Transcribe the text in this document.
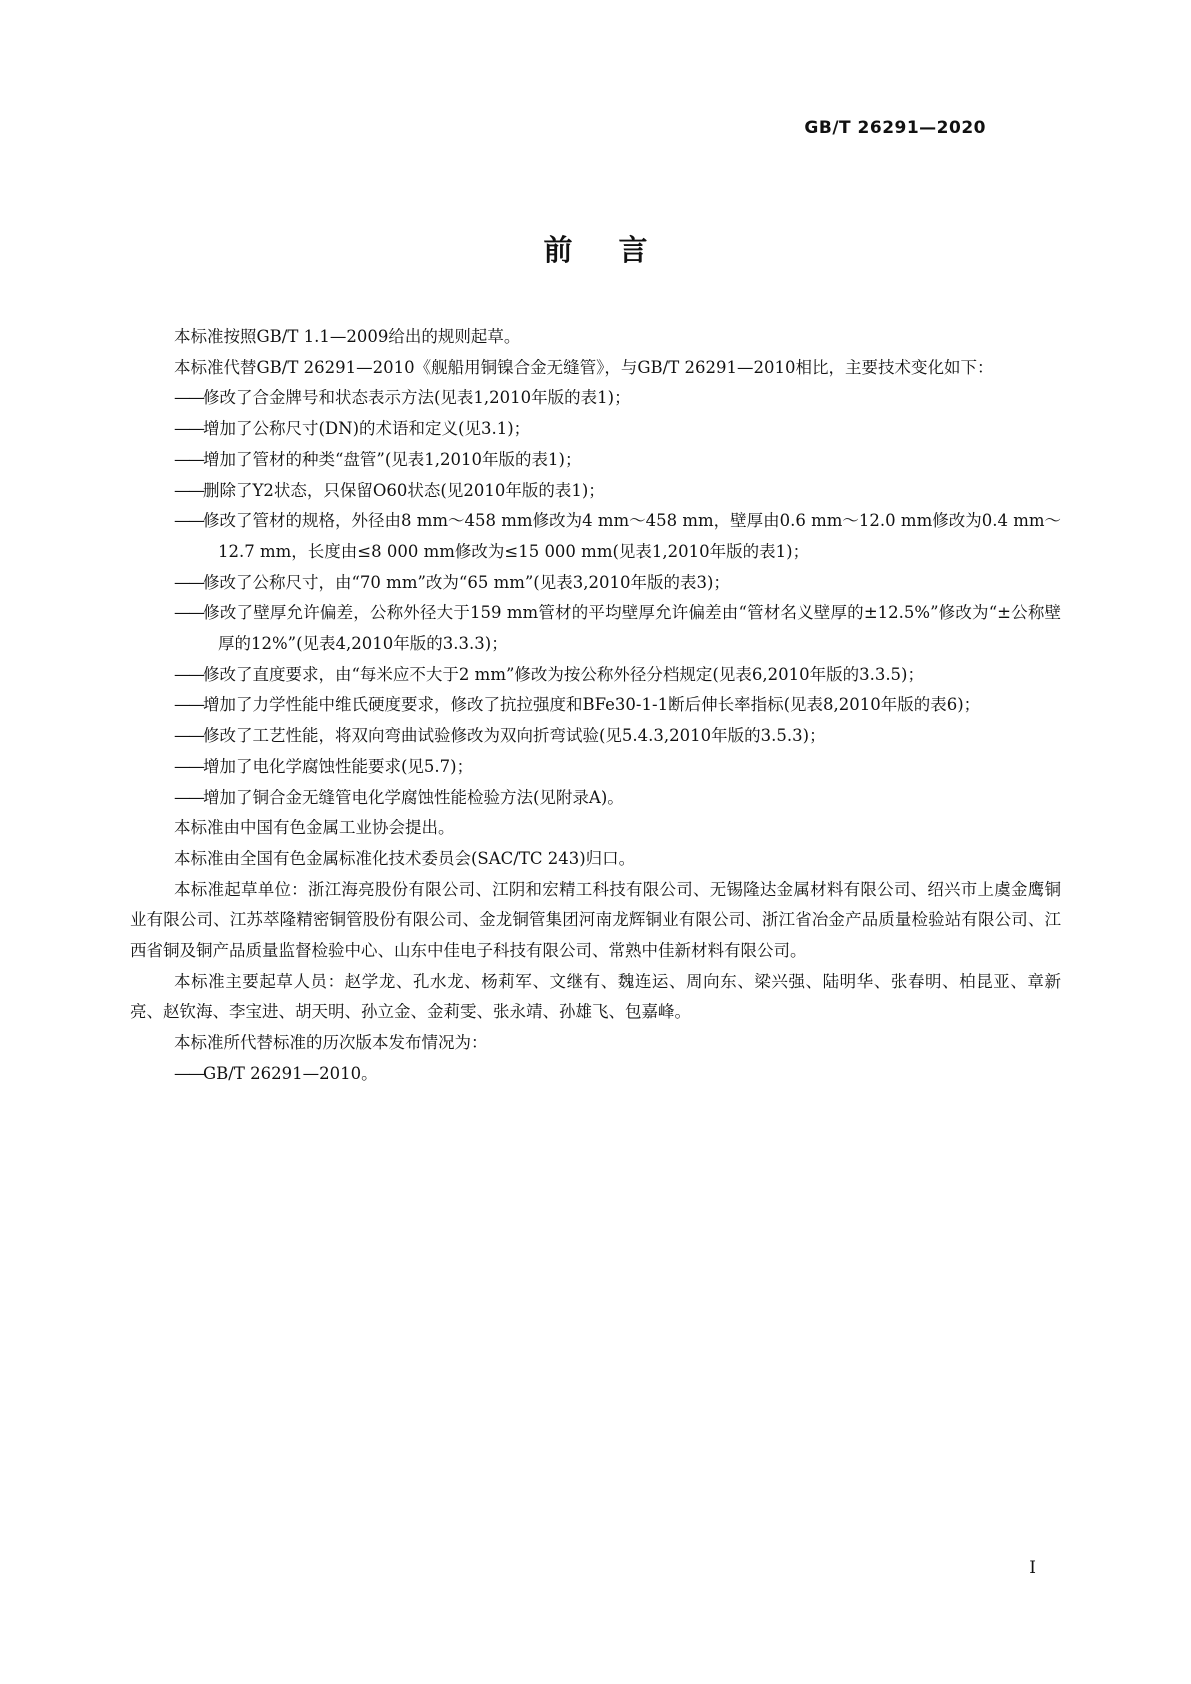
GB/T 26291—2020
前 言

本标准按照GB/T 1.1—2009给出的规则起草。

本标准代替GB/T 26291—2010《舰船用铜镍合金无缝管》，与GB/T 26291—2010相比，主要技术变化如下：

——修改了合金牌号和状态表示方法(见表1,2010年版的表1)；

——增加了公称尺寸(DN)的术语和定义(见3.1)；

——增加了管材的种类“盘管”(见表1,2010年版的表1)；

——删除了Y2状态，只保留O60状态(见2010年版的表1)；

——修改了管材的规格，外径由8 mm～458 mm修改为4 mm～458 mm，壁厚由0.6 mm～12.0 mm修改为0.4 mm～12.7 mm，长度由≤8 000 mm修改为≤15 000 mm(见表1,2010年版的表1)；

——修改了公称尺寸，由“70 mm”改为“65 mm”(见表3,2010年版的表3)；

——修改了壁厚允许偏差，公称外径大于159 mm管材的平均壁厚允许偏差由“管材名义壁厚的±12.5%”修改为“±公称壁厚的12%”(见表4,2010年版的3.3.3)；

——修改了直度要求，由“每米应不大于2 mm”修改为按公称外径分档规定(见表6,2010年版的3.3.5)；

——增加了力学性能中维氏硬度要求，修改了抗拉强度和BFe30-1-1断后伸长率指标(见表8,2010年版的表6)；

——修改了工艺性能，将双向弯曲试验修改为双向折弯试验(见5.4.3,2010年版的3.5.3)；

——增加了电化学腐蚀性能要求(见5.7)；

——增加了铜合金无缝管电化学腐蚀性能检验方法(见附录A)。

本标准由中国有色金属工业协会提出。

本标准由全国有色金属标准化技术委员会(SAC/TC 243)归口。

本标准起草单位：浙江海亮股份有限公司、江阴和宏精工科技有限公司、无锡隆达金属材料有限公司、绍兴市上虞金鹰铜业有限公司、江苏萃隆精密铜管股份有限公司、金龙铜管集团河南龙辉铜业有限公司、浙江省冶金产品质量检验站有限公司、江西省铜及铜产品质量监督检验中心、山东中佳电子科技有限公司、常熟中佳新材料有限公司。

本标准主要起草人员：赵学龙、孔水龙、杨莉军、文继有、魏连运、周向东、梁兴强、陆明华、张春明、柏昆亚、章新亮、赵钦海、李宝进、胡天明、孙立金、金莉雯、张永靖、孙雄飞、包嘉峰。

本标准所代替标准的历次版本发布情况为：

——GB/T 26291—2010。

I
